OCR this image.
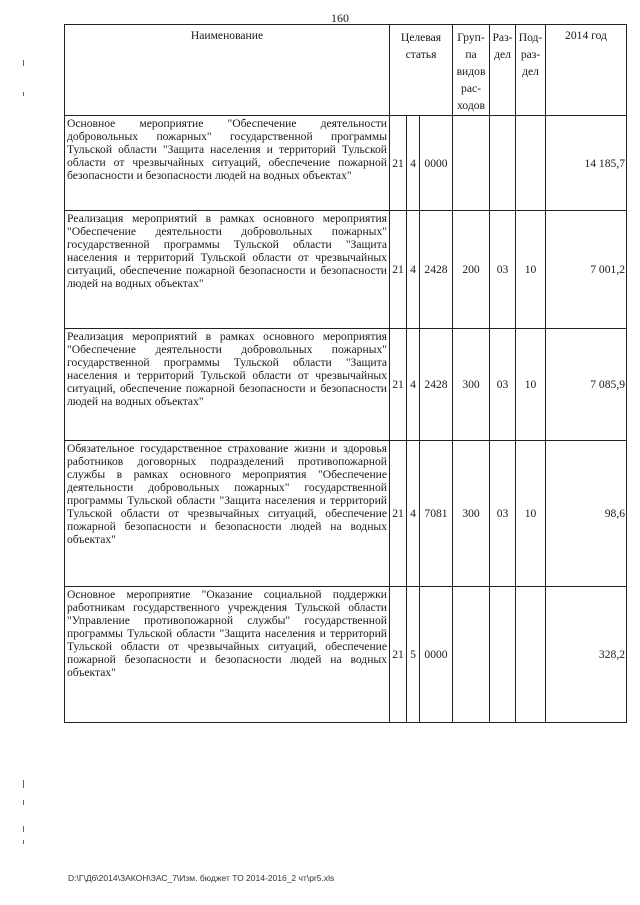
160
Наименование	Целевая статья			Груп-па видов рас-ходов	Раз-дел	Под-раз-дел	2014 год
Основное мероприятие "Обеспечение деятельности добровольных пожарных" государственной программы Тульской области "Защита населения и территорий Тульской области от чрезвычайных ситуаций, обеспечение пожарной безопасности и безопасности людей на водных объектах"	21	4	0000				14 185,7
Реализация мероприятий в рамках основного мероприятия "Обеспечение деятельности добровольных пожарных" государственной программы Тульской области "Защита населения и территорий Тульской области от чрезвычайных ситуаций, обеспечение пожарной безопасности и безопасности людей на водных объектах"	21	4	2428	200	03	10	7 001,2
Реализация мероприятий в рамках основного мероприятия "Обеспечение деятельности добровольных пожарных" государственной программы Тульской области "Защита населения и территорий Тульской области от чрезвычайных ситуаций, обеспечение пожарной безопасности и безопасности людей на водных объектах"	21	4	2428	300	03	10	7 085,9
Обязательное государственное страхование жизни и здоровья работников договорных подразделений противопожарной службы в рамках основного мероприятия "Обеспечение деятельности добровольных пожарных" государственной программы Тульской области "Защита населения и территорий Тульской области от чрезвычайных ситуаций, обеспечение пожарной безопасности и безопасности людей на водных объектах"	21	4	7081	300	03	10	98,6
Основное мероприятие "Оказание социальной поддержки работникам государственного учреждения Тульской области "Управление противопожарной службы" государственной программы Тульской области "Защита населения и территорий Тульской области от чрезвычайных ситуаций, обеспечение пожарной безопасности и безопасности людей на водных объектах"	21	5	0000				328,2
D:\Г\Д6\2014\ЗАКОН\ЗАС_7\Изм. бюджет ТО 2014-2016_2 чт\pr5.xls
